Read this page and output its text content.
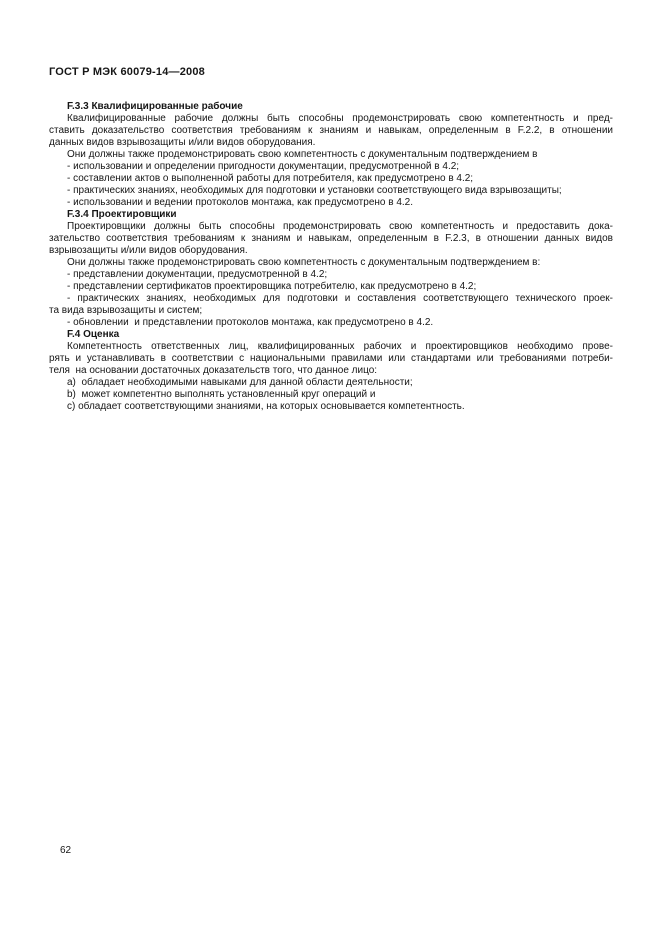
ГОСТ Р МЭК 60079-14—2008
F.3.3 Квалифицированные рабочие
Квалифицированные рабочие должны быть способны продемонстрировать свою компетентность и пред-
ставить доказательство соответствия требованиям к знаниям и навыкам, определенным в F.2.2, в отношении
данных видов взрывозащиты и/или видов оборудования.
Они должны также продемонстрировать свою компетентность с документальным подтверждением в
- использовании и определении пригодности документации, предусмотренной в 4.2;
- составлении актов о выполненной работы для потребителя, как предусмотрено в 4.2;
- практических знаниях, необходимых для подготовки и установки соответствующего вида взрывозащиты;
- использовании и ведении протоколов монтажа, как предусмотрено в 4.2.
F.3.4 Проектировщики
Проектировщики должны быть способны продемонстрировать свою компетентность и предоставить дока-
зательство соответствия требованиям к знаниям и навыкам, определенным в F.2.3, в отношении данных видов
взрывозащиты и/или видов оборудования.
Они должны также продемонстрировать свою компетентность с документальным подтверждением в:
- представлении документации, предусмотренной в 4.2;
- представлении сертификатов проектировщика потребителю, как предусмотрено в 4.2;
- практических знаниях, необходимых для подготовки и составления соответствующего технического проек-
та вида взрывозащиты и систем;
- обновлении  и представлении протоколов монтажа, как предусмотрено в 4.2.
F.4 Оценка
Компетентность ответственных лиц, квалифицированных рабочих и проектировщиков необходимо прове-
рять и устанавливать в соответствии с национальными правилами или стандартами или требованиями потреби-
теля  на основании достаточных доказательств того, что данное лицо:
a)  обладает необходимыми навыками для данной области деятельности;
b)  может компетентно выполнять установленный круг операций и
c) обладает соответствующими знаниями, на которых основывается компетентность.
62
